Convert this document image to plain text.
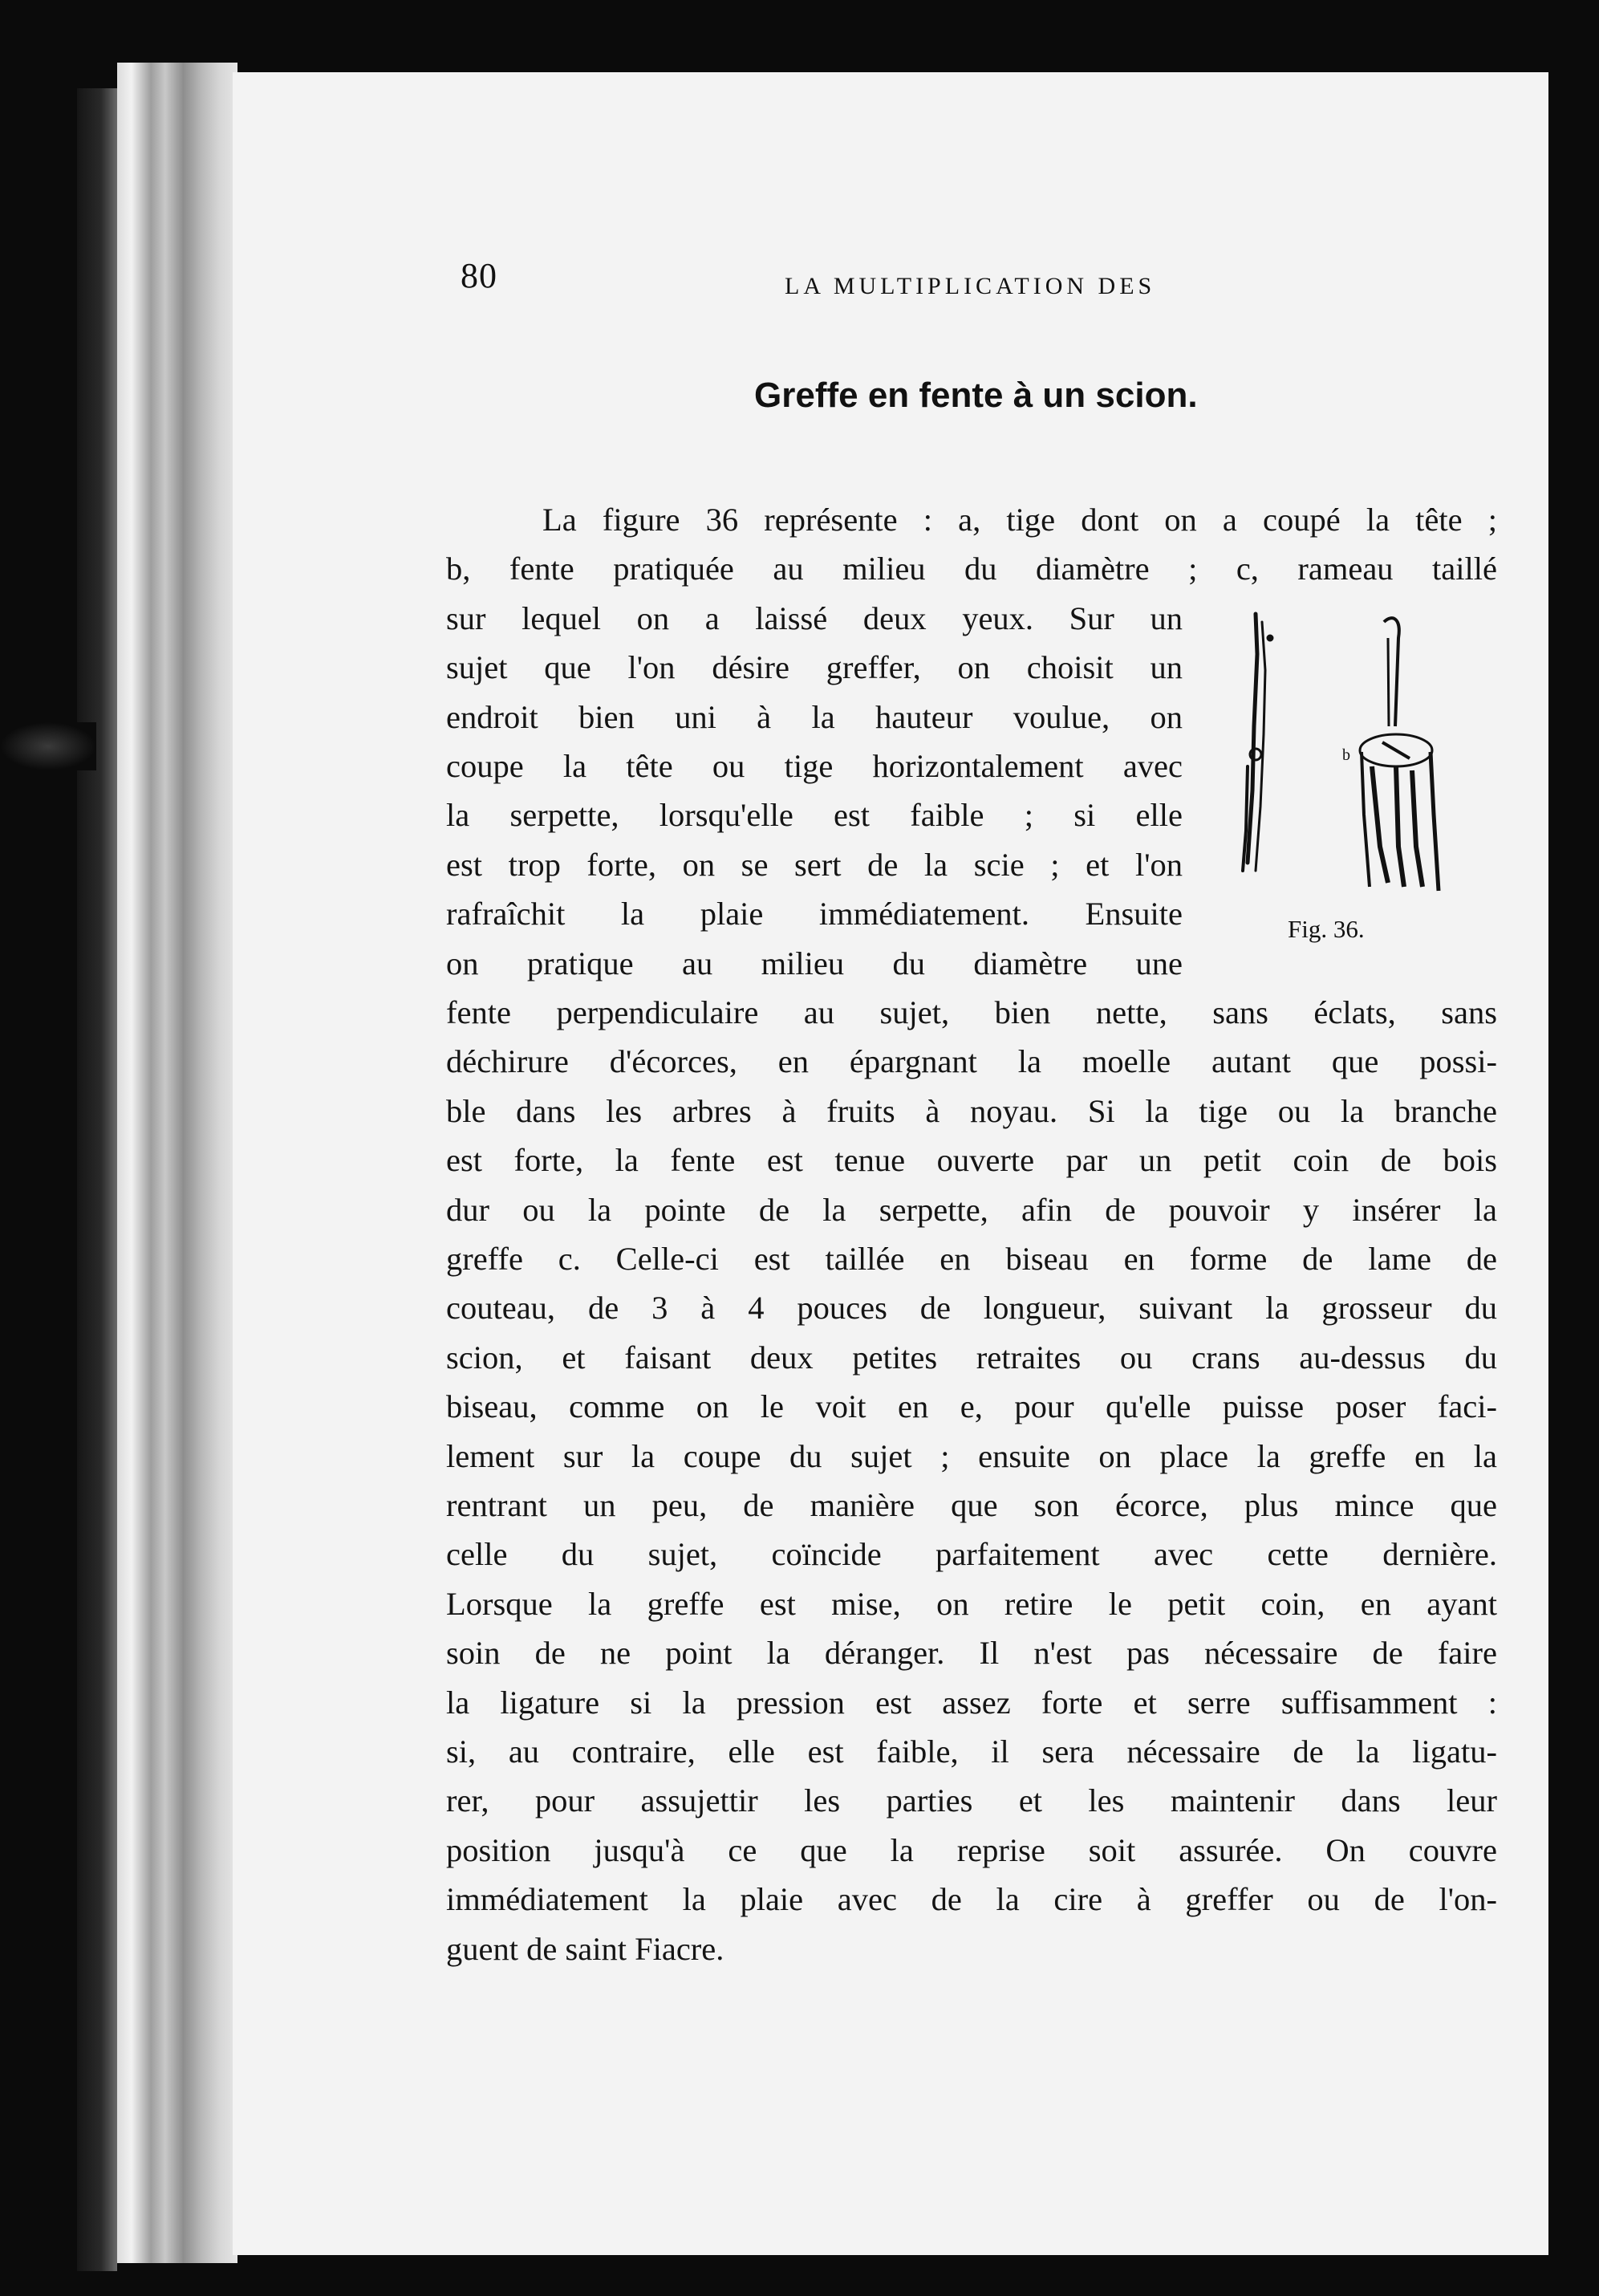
80	LA MULTIPLICATION DES
Greffe en fente à un scion.
La figure 36 représente : a, tige dont on a coupé la tête ;
b, fente pratiquée au milieu du diamètre ; c, rameau taillé
sur lequel on a laissé deux yeux. Sur un
sujet que l'on désire greffer, on choisit un
endroit bien uni à la hauteur voulue, on
coupe la tête ou tige horizontalement avec
la serpette, lorsqu'elle est faible ; si elle
est trop forte, on se sert de la scie ; et l'on
rafraîchit la plaie immédiatement. Ensuite
on pratique au milieu du diamètre une
fente perpendiculaire au sujet, bien nette, sans éclats, sans
déchirure d'écorces, en épargnant la moelle autant que possi-
ble dans les arbres à fruits à noyau. Si la tige ou la branche
est forte, la fente est tenue ouverte par un petit coin de bois
dur ou la pointe de la serpette, afin de pouvoir y insérer la
greffe c. Celle-ci est taillée en biseau en forme de lame de
couteau, de 3 à 4 pouces de longueur, suivant la grosseur du
scion, et faisant deux petites retraites ou crans au-dessus du
biseau, comme on le voit en e, pour qu'elle puisse poser faci-
lement sur la coupe du sujet ; ensuite on place la greffe en la
rentrant un peu, de manière que son écorce, plus mince que
celle du sujet, coïncide parfaitement avec cette dernière.
Lorsque la greffe est mise, on retire le petit coin, en ayant
soin de ne point la déranger. Il n'est pas nécessaire de faire
la ligature si la pression est assez forte et serre suffisamment :
si, au contraire, elle est faible, il sera nécessaire de la ligatu-
rer, pour assujettir les parties et les maintenir dans leur
position jusqu'à ce que la reprise soit assurée. On couvre
immédiatement la plaie avec de la cire à greffer ou de l'on-
guent de saint Fiacre.
b
Fig. 36.
